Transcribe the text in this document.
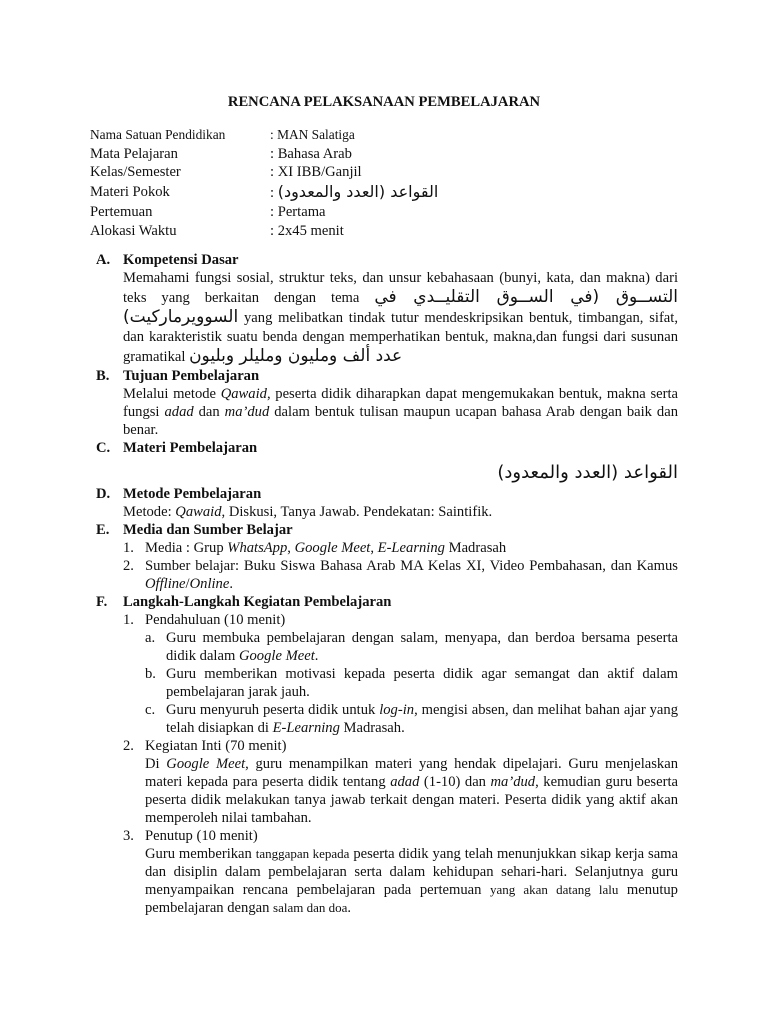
RENCANA PELAKSANAAN PEMBELAJARAN
Nama Satuan Pendidikan	: MAN Salatiga
Mata Pelajaran	: Bahasa Arab
Kelas/Semester	: XI IBB/Ganjil
Materi Pokok	: القواعد (العدد والمعدود)
Pertemuan	: Pertama
Alokasi Waktu	: 2x45 menit
A. Kompetensi Dasar
Memahami fungsi sosial, struktur teks, dan unsur kebahasaan (bunyi, kata, dan makna) dari teks yang berkaitan dengan tema التســوق (في الســوق التقليــدي في السوويرماركيت) yang melibatkan tindak tutur mendeskripsikan bentuk, timbangan, sifat, dan karakteristik suatu benda dengan memperhatikan bentuk, makna,dan fungsi dari susunan gramatikal عدد ألف ومليون ومليلر وبليون
B. Tujuan Pembelajaran
Melalui metode Qawaid, peserta didik diharapkan dapat mengemukakan bentuk, makna serta fungsi adad dan ma’dud dalam bentuk tulisan maupun ucapan bahasa Arab dengan baik dan benar.
C. Materi Pembelajaran
القواعد (العدد والمعدود)
D. Metode Pembelajaran
Metode: Qawaid, Diskusi, Tanya Jawab. Pendekatan: Saintifik.
E. Media dan Sumber Belajar
1. Media : Grup WhatsApp, Google Meet, E-Learning Madrasah
2. Sumber belajar: Buku Siswa Bahasa Arab MA Kelas XI, Video Pembahasan, dan Kamus Offline/Online.
F.	Langkah-Langkah Kegiatan Pembelajaran
1. Pendahuluan (10 menit)
a. Guru membuka pembelajaran dengan salam, menyapa, dan berdoa bersama peserta didik dalam Google Meet.
b. Guru memberikan motivasi kepada peserta didik agar semangat dan aktif dalam pembelajaran jarak jauh.
c. Guru menyuruh peserta didik untuk log-in, mengisi absen, dan melihat bahan ajar yang telah disiapkan di E-Learning Madrasah.
2. Kegiatan Inti (70 menit)
Di Google Meet, guru menampilkan materi yang hendak dipelajari. Guru menjelaskan materi kepada para peserta didik tentang adad (1-10) dan ma’dud, kemudian guru beserta peserta didik melakukan tanya jawab terkait dengan materi. Peserta didik yang aktif akan memperoleh nilai tambahan.
3. Penutup (10 menit)
Guru memberikan tanggapan kepada peserta didik yang telah menunjukkan sikap kerja sama dan disiplin dalam pembelajaran serta dalam kehidupan sehari-hari. Selanjutnya guru menyampaikan rencana pembelajaran pada pertemuan yang akan datang lalu menutup pembelajaran dengan salam dan doa.
